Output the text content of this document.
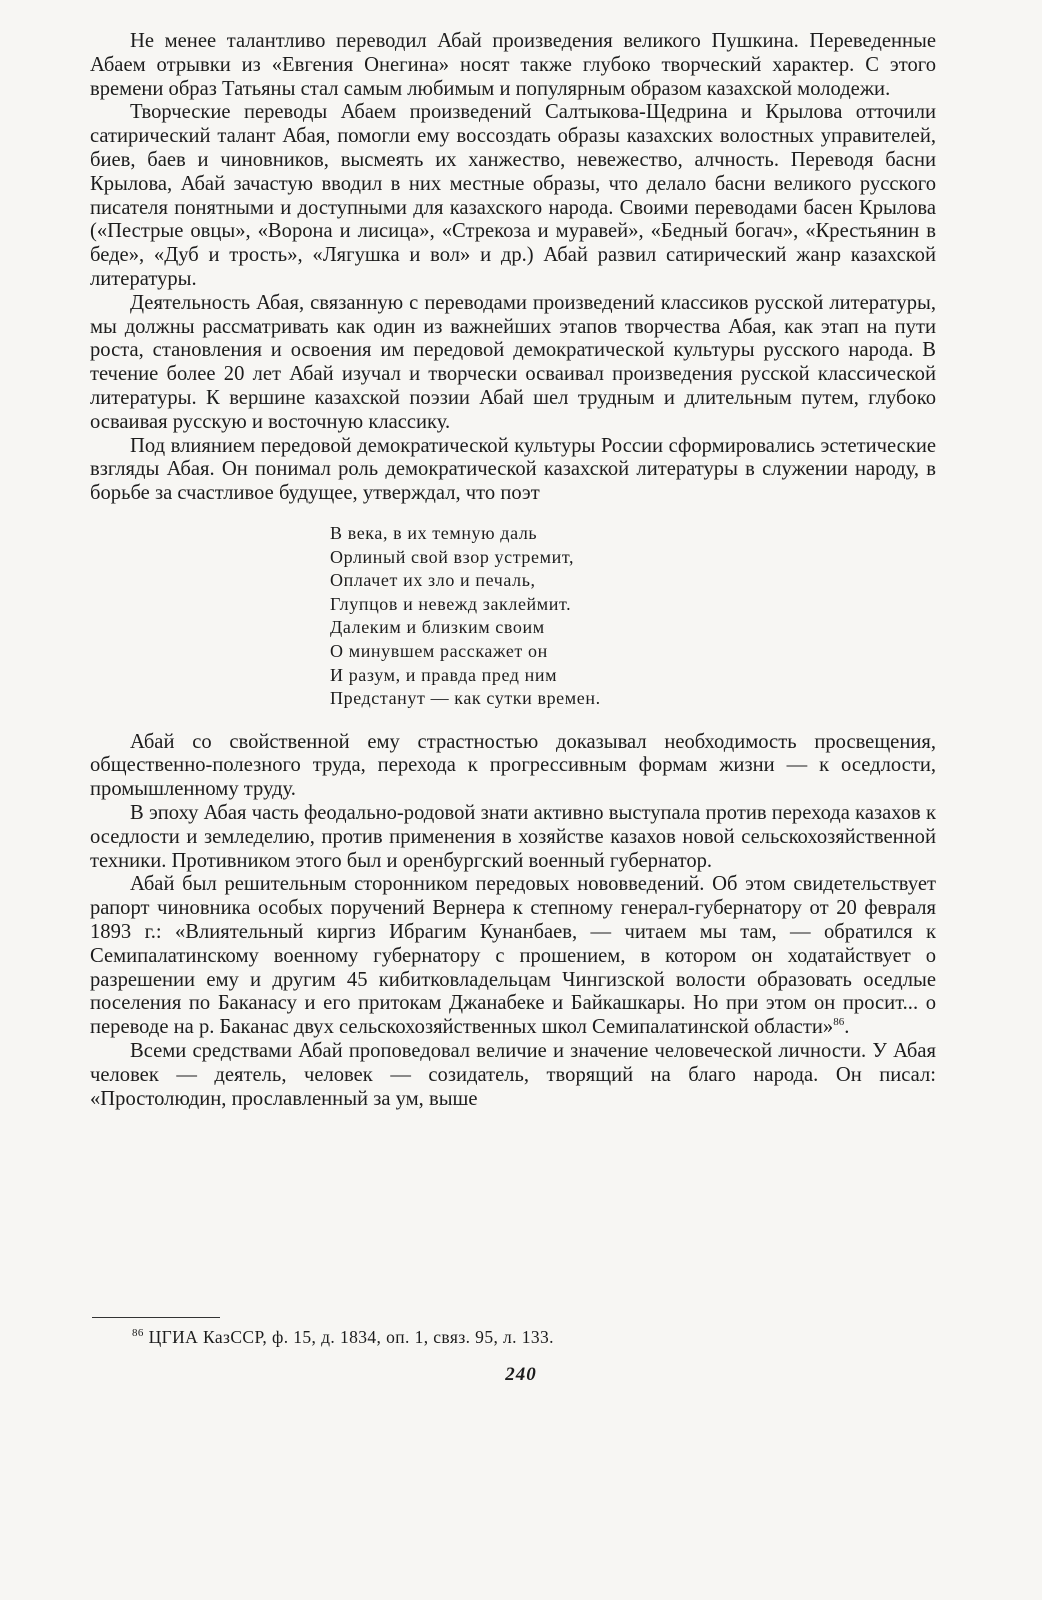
Не менее талантливо переводил Абай произведения великого Пушкина. Переведенные Абаем отрывки из «Евгения Онегина» носят также глубоко творческий характер. С этого времени образ Татьяны стал самым любимым и популярным образом казахской молодежи.

Творческие переводы Абаем произведений Салтыкова-Щедрина и Крылова отточили сатирический талант Абая, помогли ему воссоздать образы казахских волостных управителей, биев, баев и чиновников, высмеять их ханжество, невежество, алчность. Переводя басни Крылова, Абай зачастую вводил в них местные образы, что делало басни великого русского писателя понятными и доступными для казахского народа. Своими переводами басен Крылова («Пестрые овцы», «Ворона и лисица», «Стрекоза и муравей», «Бедный богач», «Крестьянин в беде», «Дуб и трость», «Лягушка и вол» и др.) Абай развил сатирический жанр казахской литературы.

Деятельность Абая, связанную с переводами произведений классиков русской литературы, мы должны рассматривать как один из важнейших этапов творчества Абая, как этап на пути роста, становления и освоения им передовой демократической культуры русского народа. В течение более 20 лет Абай изучал и творчески осваивал произведения русской классической литературы. К вершине казахской поэзии Абай шел трудным и длительным путем, глубоко осваивая русскую и восточную классику.

Под влиянием передовой демократической культуры России сформировались эстетические взгляды Абая. Он понимал роль демократической казахской литературы в служении народу, в борьбе за счастливое будущее, утверждал, что поэт

В века, в их темную даль
Орлиный свой взор устремит,
Оплачет их зло и печаль,
Глупцов и невежд заклеймит.
Далеким и близким своим
О минувшем расскажет он
И разум, и правда пред ним
Предстанут — как сутки времен.

Абай со свойственной ему страстностью доказывал необходимость просвещения, общественно-полезного труда, перехода к прогрессивным формам жизни — к оседлости, промышленному труду.

В эпоху Абая часть феодально-родовой знати активно выступала против перехода казахов к оседлости и земледелию, против применения в хозяйстве казахов новой сельскохозяйственной техники. Противником этого был и оренбургский военный губернатор.

Абай был решительным сторонником передовых нововведений. Об этом свидетельствует рапорт чиновника особых поручений Вернера к степному генерал-губернатору от 20 февраля 1893 г.: «Влиятельный киргиз Ибрагим Кунанбаев, — читаем мы там, — обратился к Семипалатинскому военному губернатору с прошением, в котором он ходатайствует о разрешении ему и другим 45 кибитковладельцам Чингизской волости образовать оседлые поселения по Баканасу и его притокам Джанабеке и Байкашкары. Но при этом он просит... о переводе на р. Баканас двух сельскохозяйственных школ Семипалатинской области»$^{86}$.

Всеми средствами Абай проповедовал величие и значение человеческой личности. У Абая человек — деятель, человек — созидатель, творящий на благо народа. Он писал: «Простолюдин, прославленный за ум, выше

$^{86}$ ЦГИА КазССР, ф. 15, д. 1834, оп. 1, связ. 95, л. 133.
240
